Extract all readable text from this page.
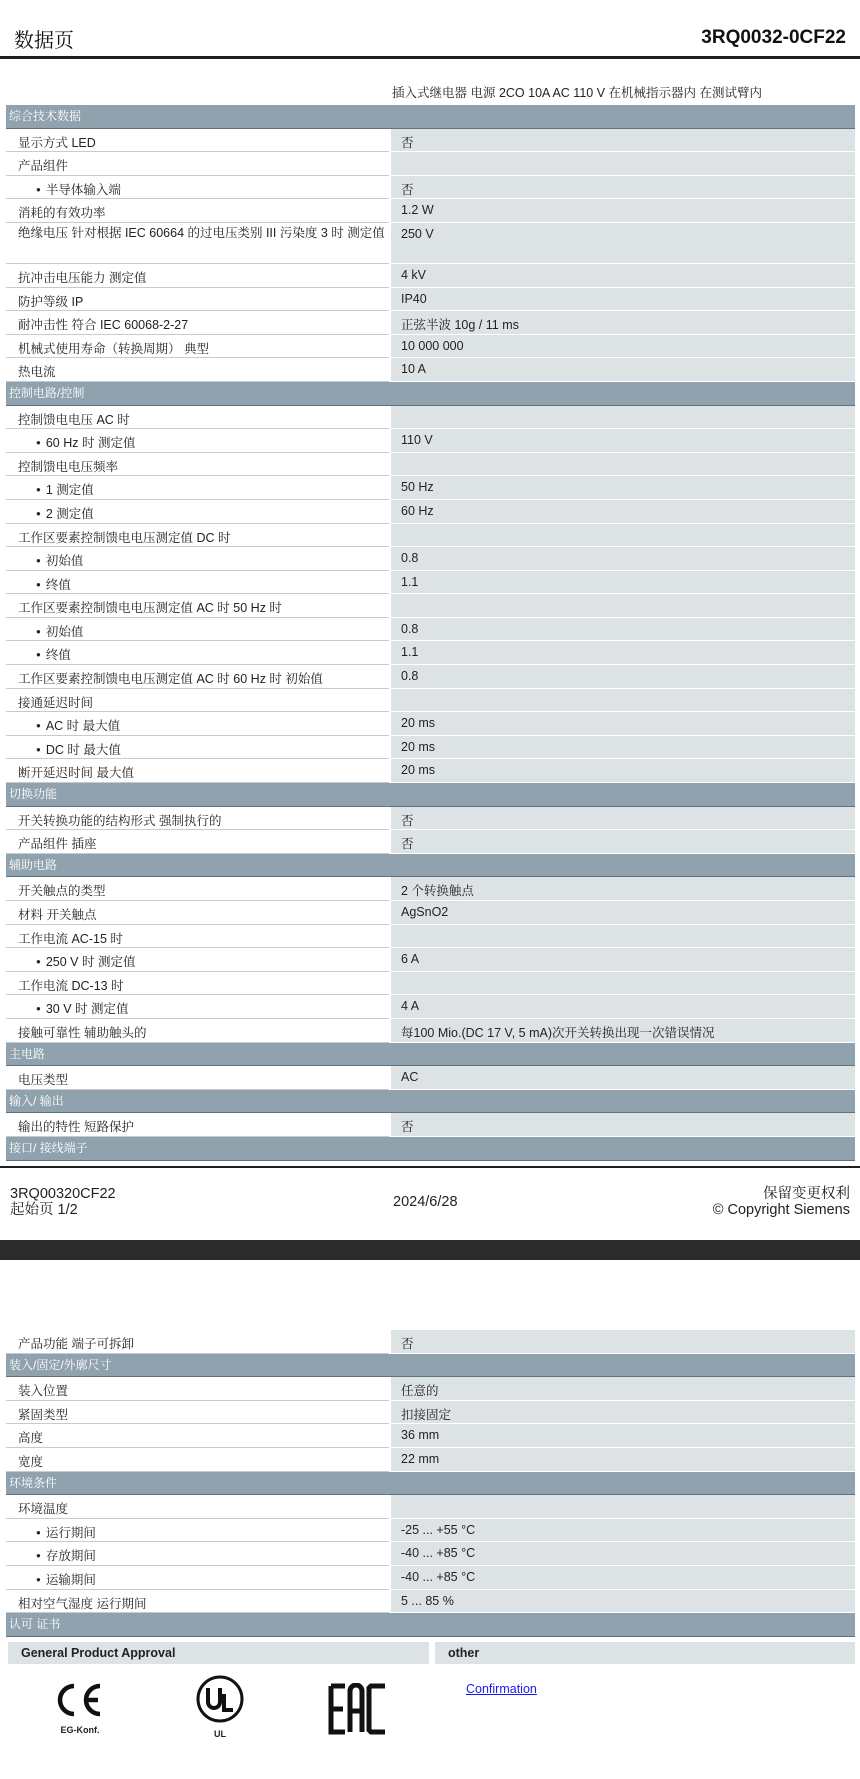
数据页	3RQ0032-0CF22
插入式继电器 电源 2CO 10A AC 110 V 在机械指示器内 在测试臂内
综合技术数据
显示方式 LED	否
产品组件
● 半导体输入端	否
消耗的有效功率	1.2 W
绝缘电压 针对根据 IEC 60664 的过电压类别 III 污染度 3 时 测定值	250 V
抗冲击电压能力 测定值	4 kV
防护等级 IP	IP40
耐冲击性 符合 IEC 60068-2-27	正弦半波 10g / 11 ms
机械式使用寿命（转换周期） 典型	10 000 000
热电流	10 A
控制电路/控制
控制馈电电压 AC 时
● 60 Hz 时 测定值	110 V
控制馈电电压频率
● 1 测定值	50 Hz
● 2 测定值	60 Hz
工作区要素控制馈电电压测定值 DC 时
● 初始值	0.8
● 终值	1.1
工作区要素控制馈电电压测定值 AC 时 50 Hz 时
● 初始值	0.8
● 终值	1.1
工作区要素控制馈电电压测定值 AC 时 60 Hz 时 初始值	0.8
接通延迟时间
● AC 时 最大值	20 ms
● DC 时 最大值	20 ms
断开延迟时间 最大值	20 ms
切换功能
开关转换功能的结构形式 强制执行的	否
产品组件 插座	否
辅助电路
开关触点的类型	2 个转换触点
材料 开关触点	AgSnO2
工作电流 AC-15 时
● 250 V 时 测定值	6 A
工作电流 DC-13 时
● 30 V 时 测定值	4 A
接触可靠性 辅助触头的	每100 Mio.(DC 17 V, 5 mA)次开关转换出现一次错误情况
主电路
电压类型	AC
输入/ 输出
输出的特性 短路保护	否
接口/ 接线端子
3RQ00320CF22
起始页 1/2	2024/6/28	保留变更权利
© Copyright Siemens
产品功能 端子可拆卸	否
装入/固定/外廓尺寸
装入位置	任意的
紧固类型	扣接固定
高度	36 mm
宽度	22 mm
环境条件
环境温度
● 运行期间	-25 ... +55 °C
● 存放期间	-40 ... +85 °C
● 运输期间	-40 ... +85 °C
相对空气湿度 运行期间	5 ... 85 %
认可 证书
General Product Approval	other
EG-Konf.	UL
Confirmation
